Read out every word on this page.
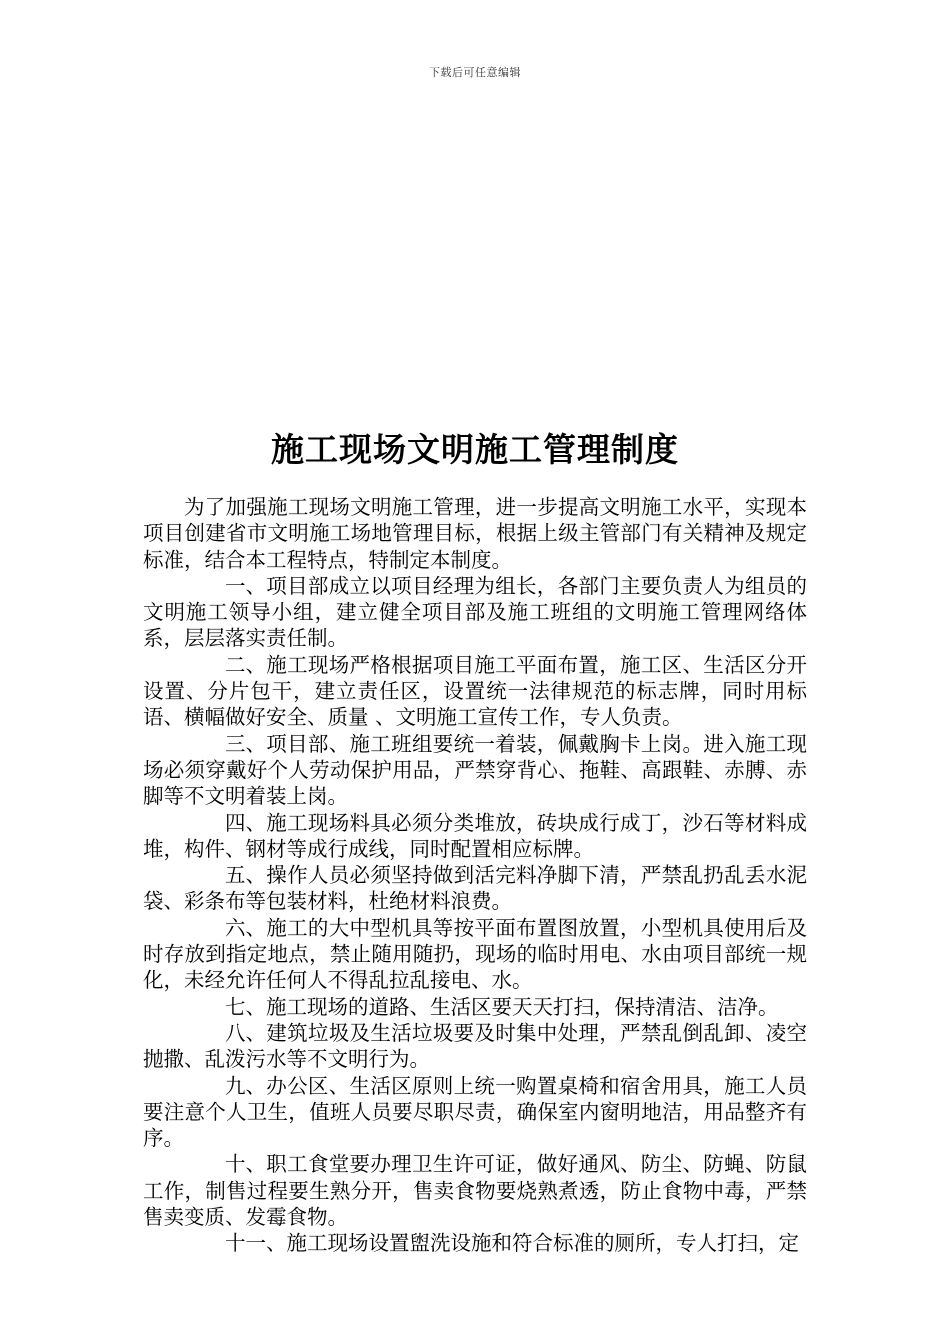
下载后可任意编辑
施工现场文明施工管理制度

为了加强施工现场文明施工管理，进一步提高文明施工水平，实现本项目创建省市文明施工场地管理目标，根据上级主管部门有关精神及规定标准，结合本工程特点，特制定本制度。

一、项目部成立以项目经理为组长，各部门主要负责人为组员的文明施工领导小组，建立健全项目部及施工班组的文明施工管理网络体系，层层落实责任制。

二、施工现场严格根据项目施工平面布置，施工区、生活区分开设置、分片包干，建立责任区，设置统一法律规范的标志牌，同时用标语、横幅做好安全、质量 、文明施工宣传工作，专人负责。

三、项目部、施工班组要统一着装，佩戴胸卡上岗。进入施工现场必须穿戴好个人劳动保护用品，严禁穿背心、拖鞋、高跟鞋、赤膊、赤脚等不文明着装上岗。

四、施工现场料具必须分类堆放，砖块成行成丁，沙石等材料成堆，构件、钢材等成行成线，同时配置相应标牌。

五、操作人员必须坚持做到活完料净脚下清，严禁乱扔乱丢水泥袋、彩条布等包装材料，杜绝材料浪费。

六、施工的大中型机具等按平面布置图放置，小型机具使用后及时存放到指定地点，禁止随用随扔，现场的临时用电、水由项目部统一规化，未经允许任何人不得乱拉乱接电、水。

七、施工现场的道路、生活区要天天打扫，保持清洁、洁净。

八、建筑垃圾及生活垃圾要及时集中处理，严禁乱倒乱卸、凌空抛撒、乱泼污水等不文明行为。

九、办公区、生活区原则上统一购置桌椅和宿舍用具，施工人员要注意个人卫生，值班人员要尽职尽责，确保室内窗明地洁，用品整齐有序。

十、职工食堂要办理卫生许可证，做好通风、防尘、防蝇、防鼠工作，制售过程要生熟分开，售卖食物要烧熟煮透，防止食物中毒，严禁售卖变质、发霉食物。

十一、施工现场设置盥洗设施和符合标准的厕所，专人打扫，定
